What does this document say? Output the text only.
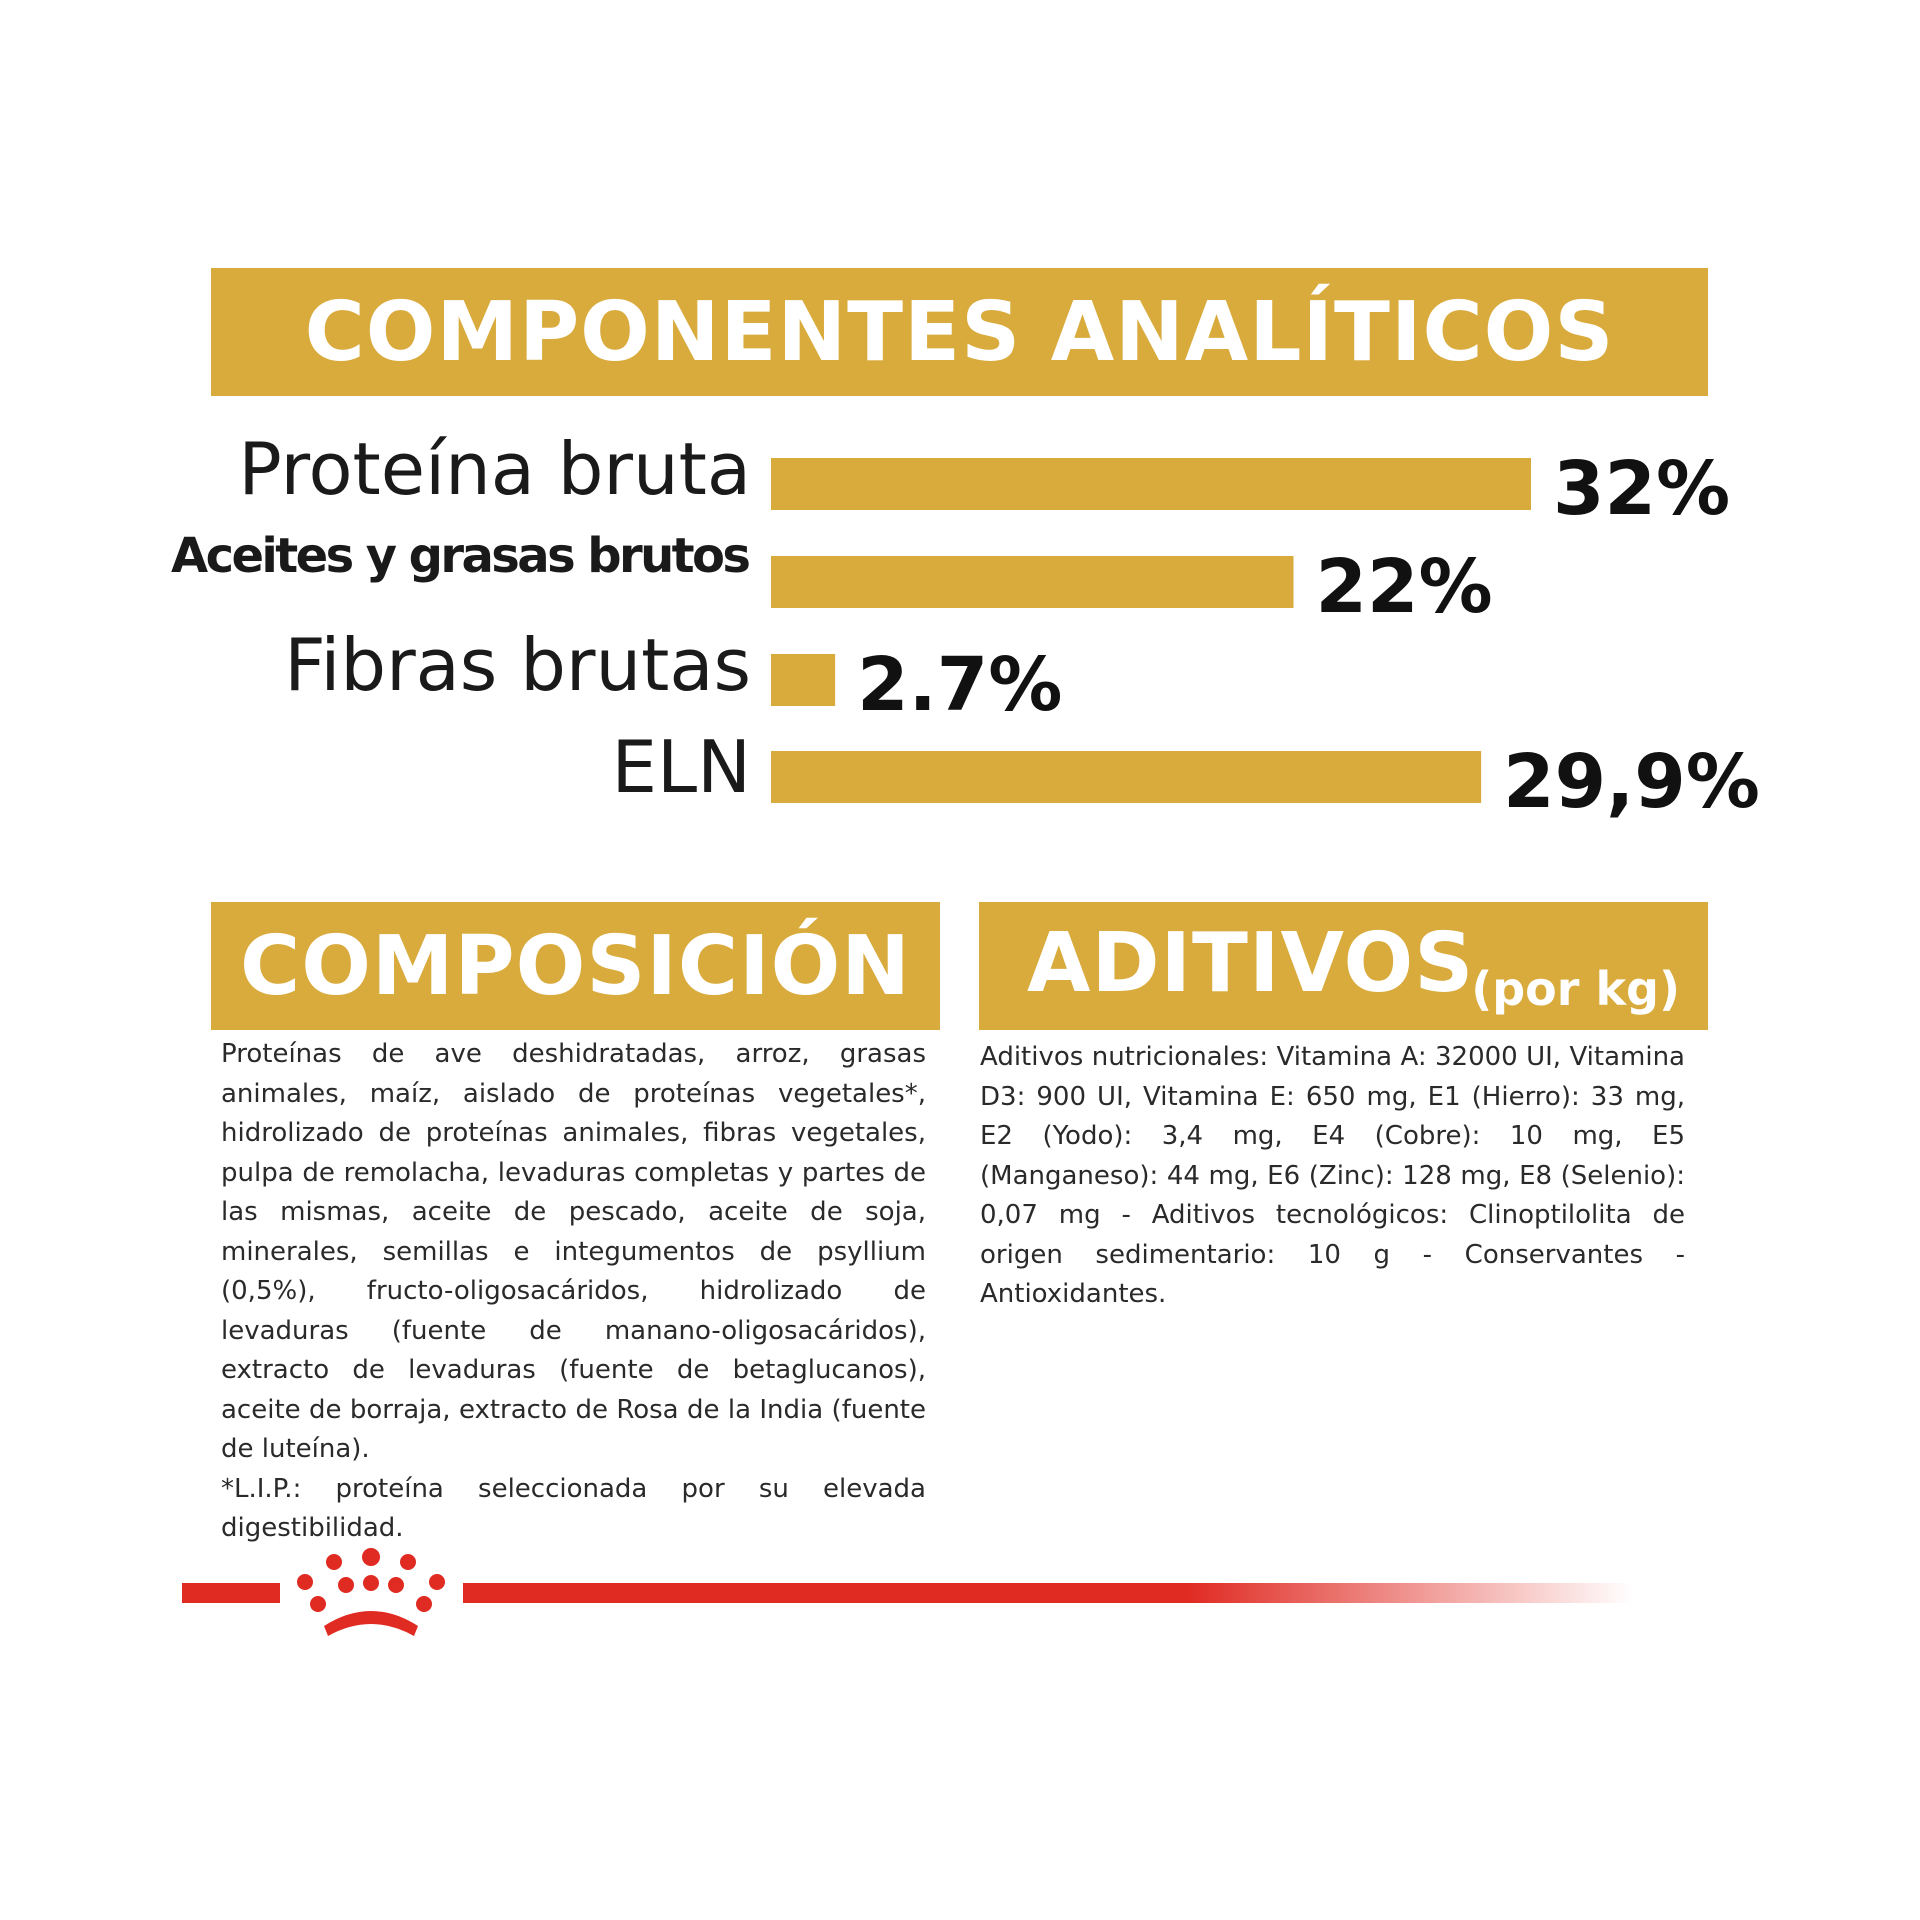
COMPONENTES ANALÍTICOS
Proteína bruta	32%
Aceites y grasas brutos	22%
Fibras brutas 2.7%
ELN	29,9%
COMPOSICIÓN ADITIVOS
(por kg)

Proteínas de ave deshidratadas, arroz, grasas animales, maíz, aislado de proteínas vegetales*, hidrolizado de proteínas animales, fibras vegetales, pulpa de remolacha, levaduras completas y partes de las mismas, aceite de pescado, aceite de soja, minerales, semillas e integumentos de psyllium (0,5%), fructo-oligosacáridos, hidrolizado de levaduras (fuente de manano-oligosacáridos), extracto de levaduras (fuente de betaglucanos), aceite de borraja, extracto de Rosa de la India (fuente de luteína).

*L.I.P.: proteína seleccionada por su elevada digestibilidad.

Aditivos nutricionales: Vitamina A: 32000 UI, Vitamina D3: 900 UI, Vitamina E: 650 mg, E1 (Hierro): 33 mg, E2 (Yodo): 3,4 mg, E4 (Cobre): 10 mg, E5 (Manganeso): 44 mg, E6 (Zinc): 128 mg, E8 (Selenio): 0,07 mg - Aditivos tecnológicos: Clinoptilolita de origen sedimentario: 10 g - Conservantes - Antioxidantes.
